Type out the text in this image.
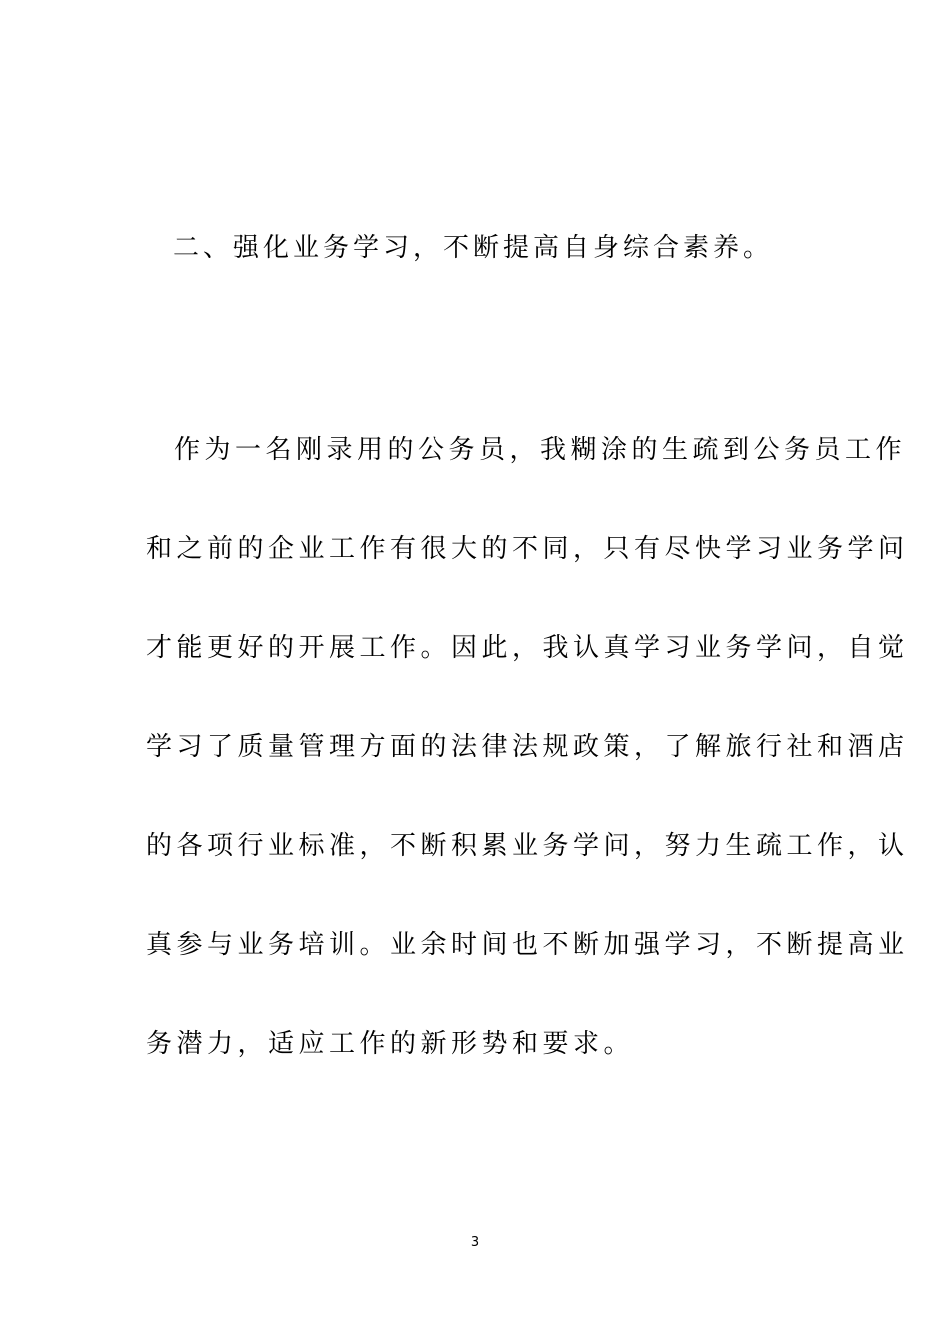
二、强化业务学习，不断提高自身综合素养。
作为一名刚录用的公务员，我糊涂的生疏到公务员工作
和之前的企业工作有很大的不同，只有尽快学习业务学问
才能更好的开展工作。因此，我认真学习业务学问，自觉
学习了质量管理方面的法律法规政策，了解旅行社和酒店
的各项行业标准，不断积累业务学问，努力生疏工作，认
真参与业务培训。业余时间也不断加强学习，不断提高业
务潜力，适应工作的新形势和要求。
3
